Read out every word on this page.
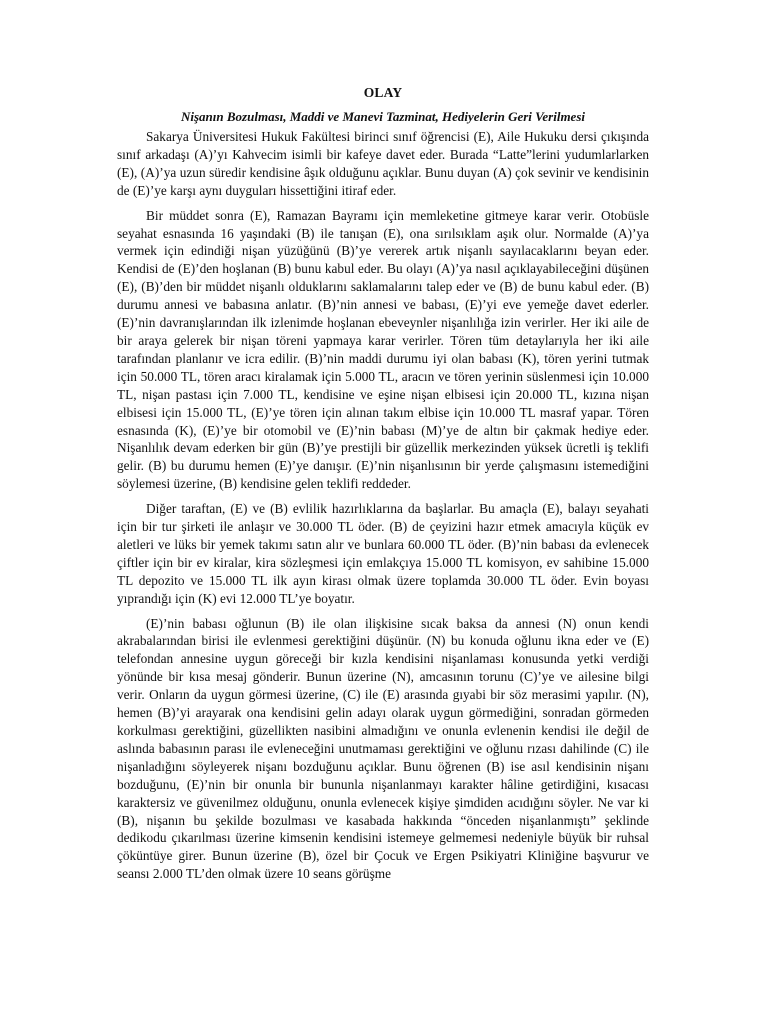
OLAY
Nişanın Bozulması, Maddi ve Manevi Tazminat, Hediyelerin Geri Verilmesi

Sakarya Üniversitesi Hukuk Fakültesi birinci sınıf öğrencisi (E), Aile Hukuku dersi çıkışında sınıf arkadaşı (A)’yı Kahvecim isimli bir kafeye davet eder. Burada “Latte”lerini yudumlarlarken (E), (A)’ya uzun süredir kendisine âşık olduğunu açıklar. Bunu duyan (A) çok sevinir ve kendisinin de (E)’ye karşı aynı duyguları hissettiğini itiraf eder.

Bir müddet sonra (E), Ramazan Bayramı için memleketine gitmeye karar verir. Otobüsle seyahat esnasında 16 yaşındaki (B) ile tanışan (E), ona sırılsıklam aşık olur. Normalde (A)’ya vermek için edindiği nişan yüzüğünü (B)’ye vererek artık nişanlı sayılacaklarını beyan eder. Kendisi de (E)’den hoşlanan (B) bunu kabul eder. Bu olayı (A)’ya nasıl açıklayabileceğini düşünen (E), (B)’den bir müddet nişanlı olduklarını saklamalarını talep eder ve (B) de bunu kabul eder. (B) durumu annesi ve babasına anlatır. (B)’nin annesi ve babası, (E)’yi eve yemeğe davet ederler. (E)’nin davranışlarından ilk izlenimde hoşlanan ebeveynler nişanlılığa izin verirler. Her iki aile de bir araya gelerek bir nişan töreni yapmaya karar verirler. Tören tüm detaylarıyla her iki aile tarafından planlanır ve icra edilir. (B)’nin maddi durumu iyi olan babası (K), tören yerini tutmak için 50.000 TL, tören aracı kiralamak için 5.000 TL, aracın ve tören yerinin süslenmesi için 10.000 TL, nişan pastası için 7.000 TL, kendisine ve eşine nişan elbisesi için 20.000 TL, kızına nişan elbisesi için 15.000 TL, (E)’ye tören için alınan takım elbise için 10.000 TL masraf yapar. Tören esnasında (K), (E)’ye bir otomobil ve (E)’nin babası (M)’ye de altın bir çakmak hediye eder. Nişanlılık devam ederken bir gün (B)’ye prestijli bir güzellik merkezinden yüksek ücretli iş teklifi gelir. (B) bu durumu hemen (E)’ye danışır. (E)’nin nişanlısının bir yerde çalışmasını istemediğini söylemesi üzerine, (B) kendisine gelen teklifi reddeder.

Diğer taraftan, (E) ve (B) evlilik hazırlıklarına da başlarlar. Bu amaçla (E), balayı seyahati için bir tur şirketi ile anlaşır ve 30.000 TL öder. (B) de çeyizini hazır etmek amacıyla küçük ev aletleri ve lüks bir yemek takımı satın alır ve bunlara 60.000 TL öder. (B)’nin babası da evlenecek çiftler için bir ev kiralar, kira sözleşmesi için emlakçıya 15.000 TL komisyon, ev sahibine 15.000 TL depozito ve 15.000 TL ilk ayın kirası olmak üzere toplamda 30.000 TL öder. Evin boyası yıprandığı için (K) evi 12.000 TL’ye boyatır.

(E)’nin babası oğlunun (B) ile olan ilişkisine sıcak baksa da annesi (N) onun kendi akrabalarından birisi ile evlenmesi gerektiğini düşünür. (N) bu konuda oğlunu ikna eder ve (E) telefondan annesine uygun göreceği bir kızla kendisini nişanlaması konusunda yetki verdiği yönünde bir kısa mesaj gönderir. Bunun üzerine (N), amcasının torunu (C)’ye ve ailesine bilgi verir. Onların da uygun görmesi üzerine, (C) ile (E) arasında gıyabi bir söz merasimi yapılır. (N), hemen (B)’yi arayarak ona kendisini gelin adayı olarak uygun görmediğini, sonradan görmeden korkulması gerektiğini, güzellikten nasibini almadığını ve onunla evlenenin kendisi ile değil de aslında babasının parası ile evleneceğini unutmaması gerektiğini ve oğlunu rızası dahilinde (C) ile nişanladığını söyleyerek nişanı bozduğunu açıklar. Bunu öğrenen (B) ise asıl kendisinin nişanı bozduğunu, (E)’nin bir onunla bir bununla nişanlanmayı karakter hâline getirdiğini, kısacası karaktersiz ve güvenilmez olduğunu, onunla evlenecek kişiye şimdiden acıdığını söyler. Ne var ki (B), nişanın bu şekilde bozulması ve kasabada hakkında “önceden nişanlanmıştı” şeklinde dedikodu çıkarılması üzerine kimsenin kendisini istemeye gelmemesi nedeniyle büyük bir ruhsal çöküntüye girer. Bunun üzerine (B), özel bir Çocuk ve Ergen Psikiyatri Kliniğine başvurur ve seansı 2.000 TL’den olmak üzere 10 seans görüşme
